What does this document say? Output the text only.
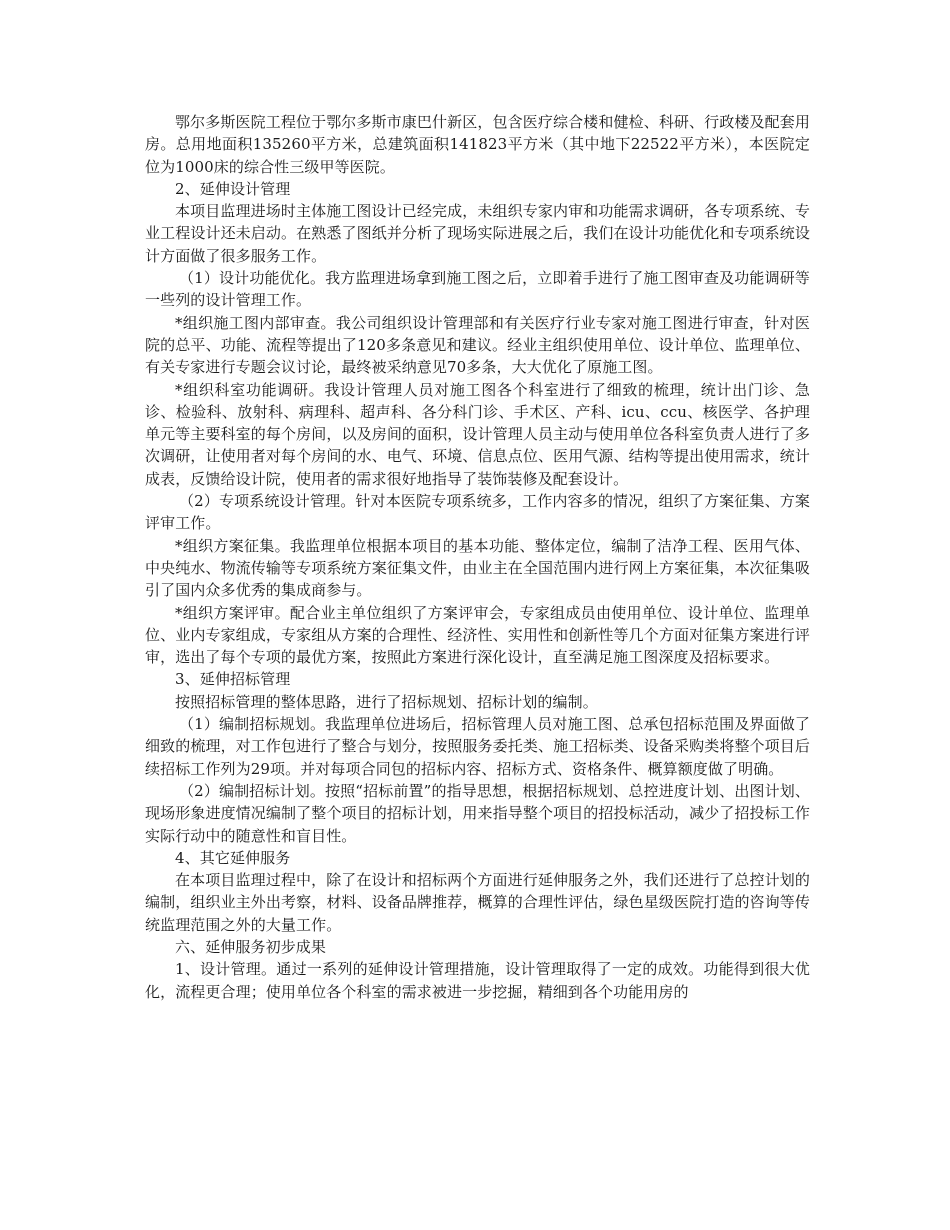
鄂尔多斯医院工程位于鄂尔多斯市康巴什新区，包含医疗综合楼和健检、科研、行政楼及配套用房。总用地面积135260平方米，总建筑面积141823平方米（其中地下22522平方米），本医院定位为1000床的综合性三级甲等医院。

2、延伸设计管理

本项目监理进场时主体施工图设计已经完成，未组织专家内审和功能需求调研，各专项系统、专业工程设计还未启动。在熟悉了图纸并分析了现场实际进展之后，我们在设计功能优化和专项系统设计方面做了很多服务工作。

（1）设计功能优化。我方监理进场拿到施工图之后，立即着手进行了施工图审查及功能调研等一些列的设计管理工作。

*组织施工图内部审查。我公司组织设计管理部和有关医疗行业专家对施工图进行审查，针对医院的总平、功能、流程等提出了120多条意见和建议。经业主组织使用单位、设计单位、监理单位、有关专家进行专题会议讨论，最终被采纳意见70多条，大大优化了原施工图。

*组织科室功能调研。我设计管理人员对施工图各个科室进行了细致的梳理，统计出门诊、急诊、检验科、放射科、病理科、超声科、各分科门诊、手术区、产科、icu、ccu、核医学、各护理单元等主要科室的每个房间，以及房间的面积，设计管理人员主动与使用单位各科室负责人进行了多次调研，让使用者对每个房间的水、电气、环境、信息点位、医用气源、结构等提出使用需求，统计成表，反馈给设计院，使用者的需求很好地指导了装饰装修及配套设计。

（2）专项系统设计管理。针对本医院专项系统多，工作内容多的情况，组织了方案征集、方案评审工作。

*组织方案征集。我监理单位根据本项目的基本功能、整体定位，编制了洁净工程、医用气体、中央纯水、物流传输等专项系统方案征集文件，由业主在全国范围内进行网上方案征集，本次征集吸引了国内众多优秀的集成商参与。

*组织方案评审。配合业主单位组织了方案评审会，专家组成员由使用单位、设计单位、监理单位、业内专家组成，专家组从方案的合理性、经济性、实用性和创新性等几个方面对征集方案进行评审，选出了每个专项的最优方案，按照此方案进行深化设计，直至满足施工图深度及招标要求。

3、延伸招标管理

按照招标管理的整体思路，进行了招标规划、招标计划的编制。

（1）编制招标规划。我监理单位进场后，招标管理人员对施工图、总承包招标范围及界面做了细致的梳理，对工作包进行了整合与划分，按照服务委托类、施工招标类、设备采购类将整个项目后续招标工作列为29项。并对每项合同包的招标内容、招标方式、资格条件、概算额度做了明确。

（2）编制招标计划。按照“招标前置”的指导思想，根据招标规划、总控进度计划、出图计划、现场形象进度情况编制了整个项目的招标计划，用来指导整个项目的招投标活动，减少了招投标工作实际行动中的随意性和盲目性。

4、其它延伸服务

在本项目监理过程中，除了在设计和招标两个方面进行延伸服务之外，我们还进行了总控计划的编制，组织业主外出考察，材料、设备品牌推荐，概算的合理性评估，绿色星级医院打造的咨询等传统监理范围之外的大量工作。

六、延伸服务初步成果

1、设计管理。通过一系列的延伸设计管理措施，设计管理取得了一定的成效。功能得到很大优化，流程更合理；使用单位各个科室的需求被进一步挖掘，精细到各个功能用房的
